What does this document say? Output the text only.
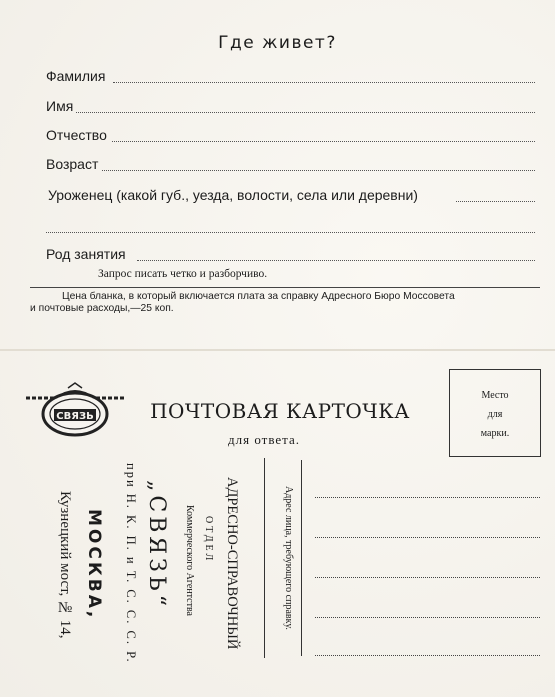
Где живет?
Фамилия
Имя
Отчество
Возраст
Уроженец (какой губ., уезда, волости, села или деревни)
Род занятия
Запрос писать четко и разборчиво.
Цена бланка, в который включается плата за справку Адресного Бюро Моссовета
и почтовые расходы,—25 коп.
СВЯЗЬ	ПОЧТОВАЯ КАРТОЧКА
для ответа.
Место
для
марки.
Кузнецкий мост, № 14, МОСКВА, при Н. К. П. и Т. С. С. С. Р. „СВЯЗЬ“ Коммерческого Агентства ОТДЕЛ АДРЕСНО-СПРАВОЧНЫЙ	Адрес лица, требующего справку.
